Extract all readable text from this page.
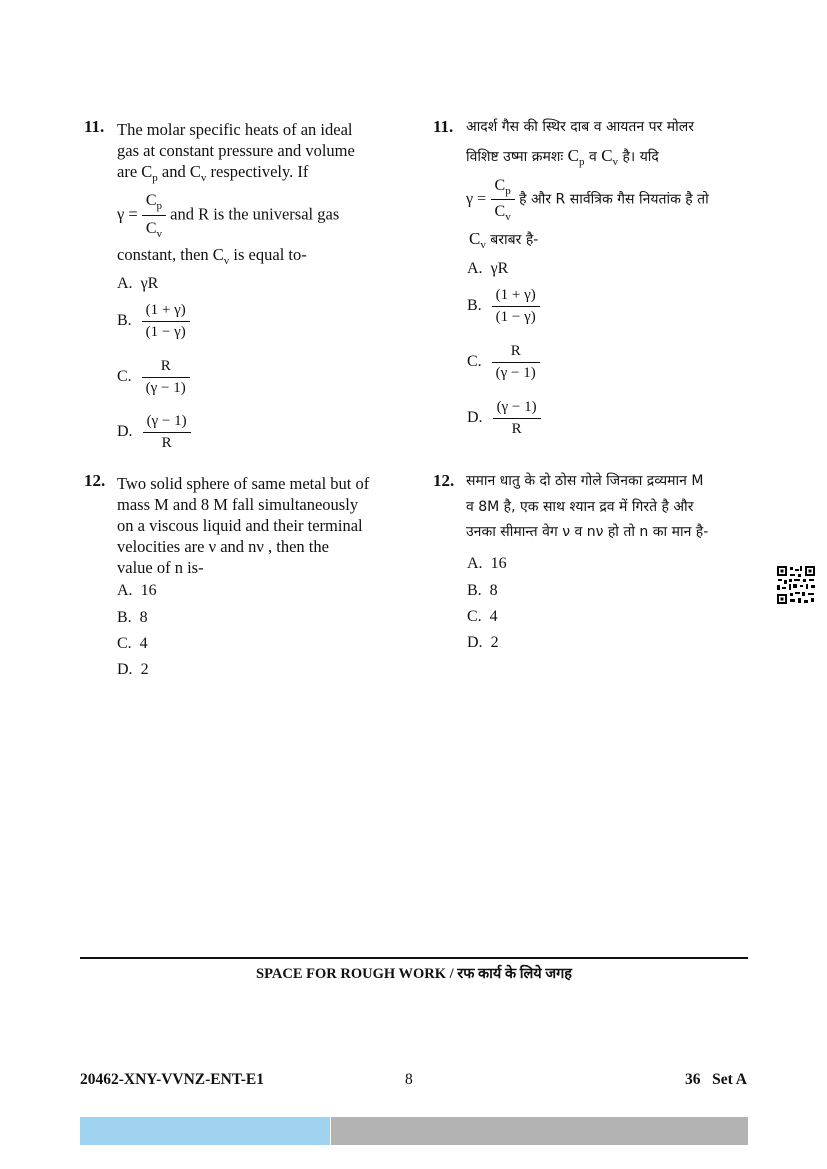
11. The molar specific heats of an ideal
gas at constant pressure and volume
are $C_p$ and $C_v$ respectively. If
$\gamma = \frac{C_p}{C_v}$ and R is the universal gas
constant, then $C_v$ is equal to-
A. γR
B. $\frac{(1 + \gamma)}{(1 - \gamma)}$
C. $\frac{R}{(\gamma - 1)}$
D. $\frac{(\gamma - 1)}{R}$
11. आदर्श गैस की स्थिर दाब व आयतन पर मोलर
विशिष्ट उष्मा क्रमशः $C_p$ व $C_v$ है। यदि
$\gamma = \frac{C_p}{C_v}$ है और R सार्वत्रिक गैस नियतांक है तो
$C_v$ बराबर है-
A. γR
B. $\frac{(1 + \gamma)}{(1 - \gamma)}$
C. $\frac{R}{(\gamma - 1)}$
D. $\frac{(\gamma - 1)}{R}$
12. Two solid sphere of same metal but of
mass M and 8 M fall simultaneously
on a viscous liquid and their terminal
velocities are ν and nν , then the
value of n is-
A. 16
B. 8
C. 4
D. 2
12. समान धातु के दो ठोस गोले जिनका द्रव्यमान M
व 8M है, एक साथ श्यान द्रव में गिरते है और
उनका सीमान्त वेग ν व nν हो तो n का मान है-
A. 16
B. 8
C. 4
D. 2
SPACE FOR ROUGH WORK / रफ कार्य के लिये जगह
20462-XNY-VVNZ-ENT-E1	8	36   Set A
